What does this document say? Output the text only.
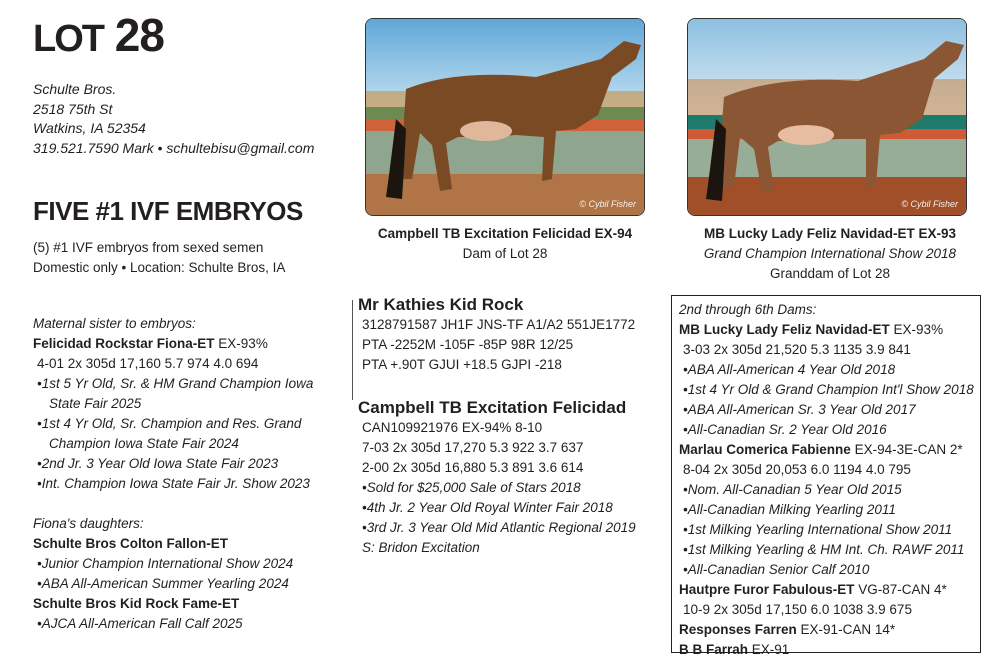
LOT 28
Schulte Bros.
2518 75th St
Watkins, IA 52354
319.521.7590 Mark • schultebisu@gmail.com
FIVE #1 IVF EMBRYOS
(5) #1 IVF embryos from sexed semen
Domestic only • Location: Schulte Bros, IA
Maternal sister to embryos:
Felicidad Rockstar Fiona-ET EX-93%
4-01 2x 305d 17,160 5.7 974 4.0 694
•1st 5 Yr Old, Sr. & HM Grand Champion Iowa
State Fair 2025
•1st 4 Yr Old, Sr. Champion and Res. Grand
Champion Iowa State Fair 2024
•2nd Jr. 3 Year Old Iowa State Fair 2023
•Int. Champion Iowa State Fair Jr. Show 2023
Fiona's daughters:
Schulte Bros Colton Fallon-ET
•Junior Champion International Show 2024
•ABA All-American Summer Yearling 2024
Schulte Bros Kid Rock Fame-ET
•AJCA All-American Fall Calf 2025
© Cybil Fisher
Campbell TB Excitation Felicidad EX-94
Dam of Lot 28
© Cybil Fisher
MB Lucky Lady Feliz Navidad-ET EX-93
Grand Champion International Show 2018
Granddam of Lot 28
Mr Kathies Kid Rock
3128791587 JH1F JNS-TF A1/A2 551JE1772
PTA -2252M -105F -85P 98R 12/25
PTA +.90T GJUI +18.5 GJPI -218
Campbell TB Excitation Felicidad
CAN109921976 EX-94% 8-10
7-03 2x 305d 17,270 5.3 922 3.7 637
2-00 2x 305d 16,880 5.3 891 3.6 614
•Sold for $25,000 Sale of Stars 2018
•4th Jr. 2 Year Old Royal Winter Fair 2018
•3rd Jr. 3 Year Old Mid Atlantic Regional 2019
S: Bridon Excitation
2nd through 6th Dams:
MB Lucky Lady Feliz Navidad-ET EX-93%
3-03 2x 305d 21,520 5.3 1135 3.9 841
•ABA All-American 4 Year Old 2018
•1st 4 Yr Old & Grand Champion Int'l Show 2018
•ABA All-American Sr. 3 Year Old 2017
•All-Canadian Sr. 2 Year Old 2016
Marlau Comerica Fabienne EX-94-3E-CAN 2*
8-04 2x 305d 20,053 6.0 1194 4.0 795
•Nom. All-Canadian 5 Year Old 2015
•All-Canadian Milking Yearling 2011
•1st Milking Yearling International Show 2011
•1st Milking Yearling & HM Int. Ch. RAWF 2011
•All-Canadian Senior Calf 2010
Hautpre Furor Fabulous-ET VG-87-CAN 4*
10-9 2x 305d 17,150 6.0 1038 3.9 675
Responses Farren EX-91-CAN 14*
B B Farrah EX-91
